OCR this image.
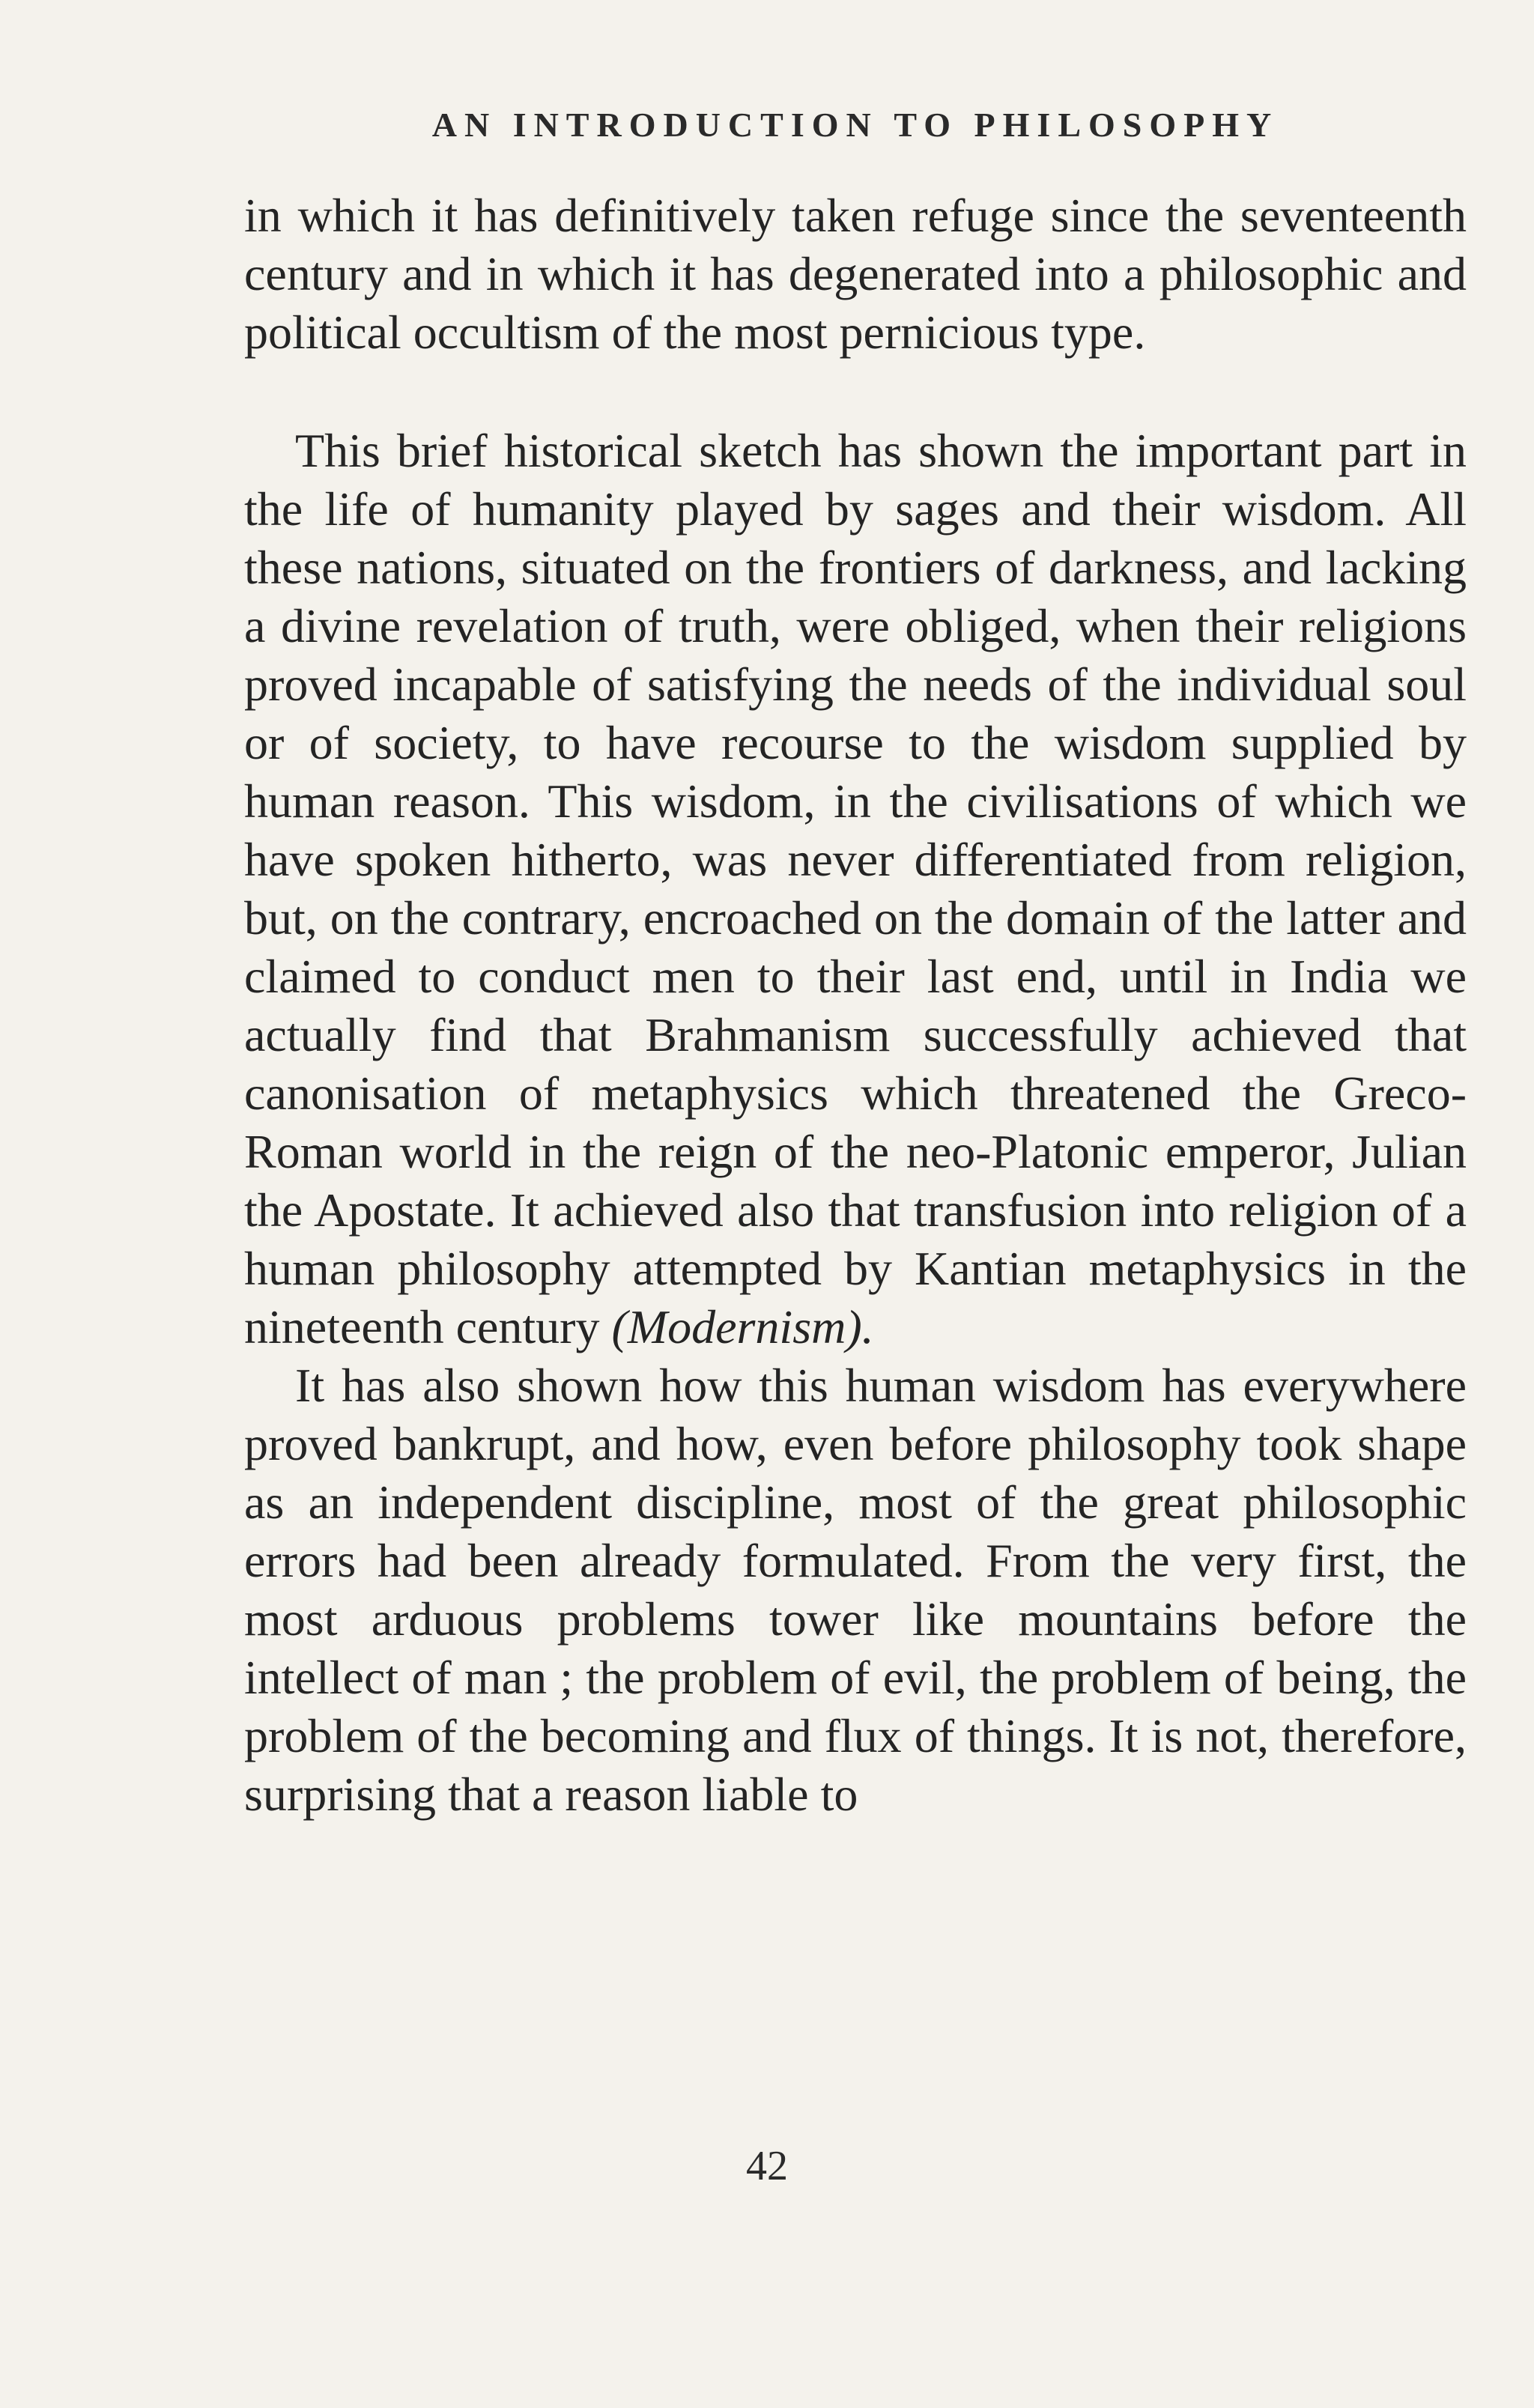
AN INTRODUCTION TO PHILOSOPHY

in which it has definitively taken refuge since the seventeenth century and in which it has degenerated into a philosophic and political occultism of the most pernicious type.

This brief historical sketch has shown the important part in the life of humanity played by sages and their wisdom. All these nations, situated on the frontiers of darkness, and lacking a divine revelation of truth, were obliged, when their religions proved incapable of satisfying the needs of the individual soul or of society, to have recourse to the wisdom supplied by human reason. This wisdom, in the civilisations of which we have spoken hitherto, was never differentiated from religion, but, on the contrary, encroached on the domain of the latter and claimed to conduct men to their last end, until in India we actually find that Brahmanism successfully achieved that canonisation of metaphysics which threatened the Greco-Roman world in the reign of the neo-Platonic emperor, Julian the Apostate. It achieved also that transfusion into religion of a human philosophy attempted by Kantian metaphysics in the nineteenth century (Modernism).

It has also shown how this human wisdom has everywhere proved bankrupt, and how, even before philosophy took shape as an independent discipline, most of the great philosophic errors had been already formulated. From the very first, the most arduous problems tower like mountains before the intellect of man ; the problem of evil, the problem of being, the problem of the becoming and flux of things. It is not, therefore, surprising that a reason liable to

42
